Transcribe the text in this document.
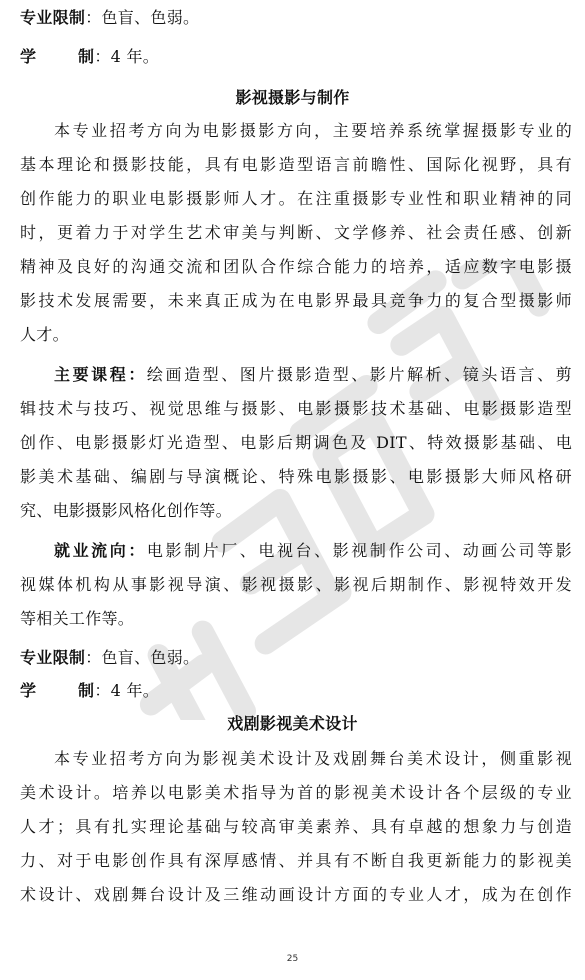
专业限制：色盲、色弱。
学	制：4 年。
影视摄影与制作
本专业招考方向为电影摄影方向，主要培养系统掌握摄影专业的
基本理论和摄影技能，具有电影造型语言前瞻性、国际化视野，具有
创作能力的职业电影摄影师人才。在注重摄影专业性和职业精神的同
时，更着力于对学生艺术审美与判断、文学修养、社会责任感、创新
精神及良好的沟通交流和团队合作综合能力的培养，适应数字电影摄
影技术发展需要，未来真正成为在电影界最具竞争力的复合型摄影师
人才。
主要课程：绘画造型、图片摄影造型、影片解析、镜头语言、剪
辑技术与技巧、视觉思维与摄影、电影摄影技术基础、电影摄影造型
创作、电影摄影灯光造型、电影后期调色及 DIT、特效摄影基础、电
影美术基础、编剧与导演概论、特殊电影摄影、电影摄影大师风格研
究、电影摄影风格化创作等。
就业流向：电影制片厂、电视台、影视制作公司、动画公司等影
视媒体机构从事影视导演、影视摄影、影视后期制作、影视特效开发
等相关工作等。
专业限制：色盲、色弱。
学	制：4 年。
戏剧影视美术设计
本专业招考方向为影视美术设计及戏剧舞台美术设计，侧重影视
美术设计。培养以电影美术指导为首的影视美术设计各个层级的专业
人才；具有扎实理论基础与较高审美素养、具有卓越的想象力与创造
力、对于电影创作具有深厚感情、并具有不断自我更新能力的影视美
术设计、戏剧舞台设计及三维动画设计方面的专业人才，成为在创作
25
